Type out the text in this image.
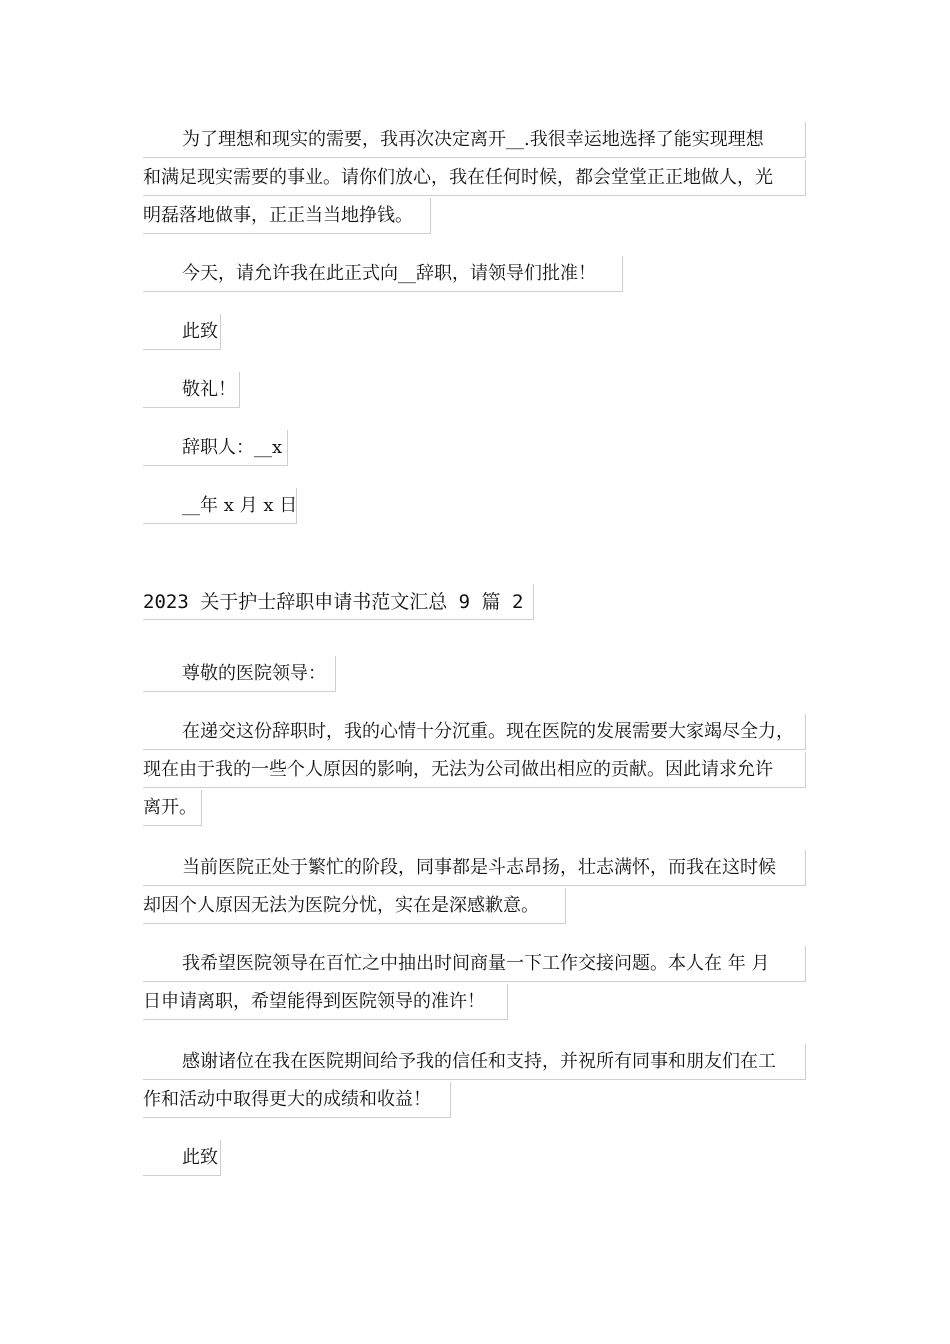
为了理想和现实的需要，我再次决定离开__.我很幸运地选择了能实现理想
和满足现实需要的事业。请你们放心，我在任何时候，都会堂堂正正地做人，光
明磊落地做事，正正当当地挣钱。
今天，请允许我在此正式向__辞职，请领导们批准！
此致
敬礼！
辞职人：__x
__年 x 月 x 日
2023 关于护士辞职申请书范文汇总 9 篇 2
尊敬的医院领导：
在递交这份辞职时，我的心情十分沉重。现在医院的发展需要大家竭尽全力，
现在由于我的一些个人原因的影响，无法为公司做出相应的贡献。因此请求允许
离开。
当前医院正处于繁忙的阶段，同事都是斗志昂扬，壮志满怀，而我在这时候
却因个人原因无法为医院分忧，实在是深感歉意。
我希望医院领导在百忙之中抽出时间商量一下工作交接问题。本人在 年 月
日申请离职，希望能得到医院领导的准许！
感谢诸位在我在医院期间给予我的信任和支持，并祝所有同事和朋友们在工
作和活动中取得更大的成绩和收益！
此致
